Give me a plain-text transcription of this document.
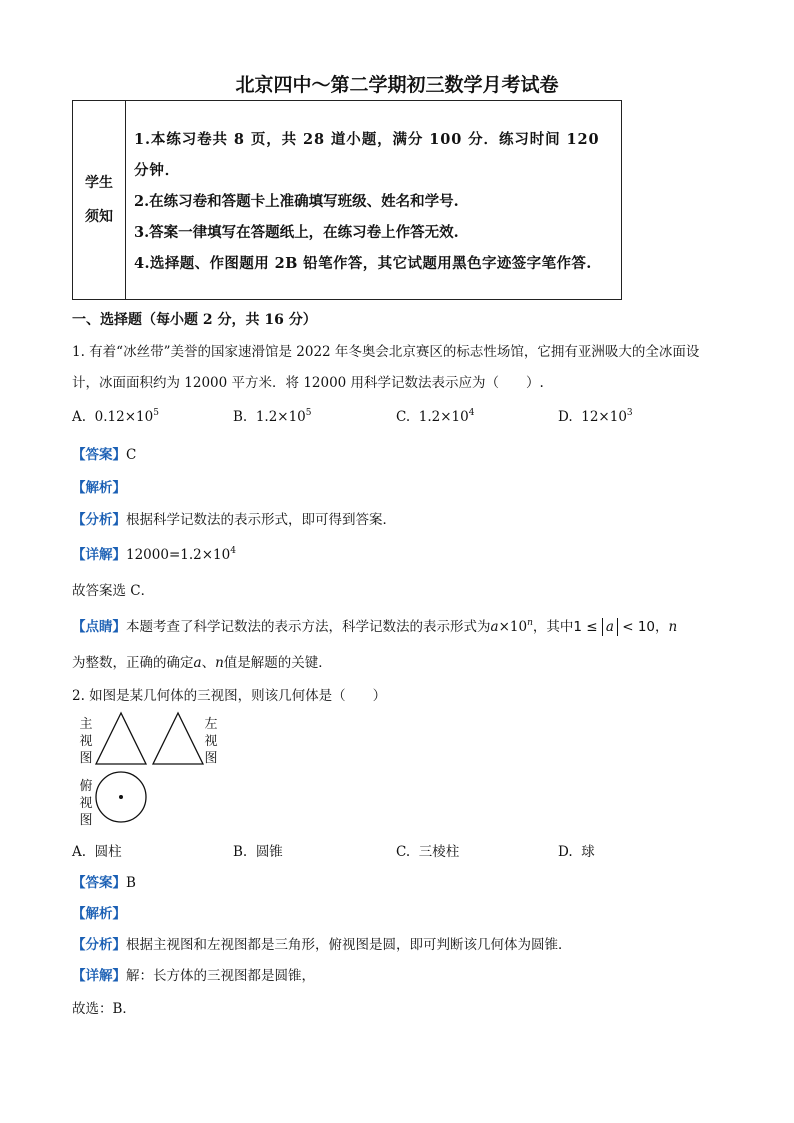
北京四中～第二学期初三数学月考试卷
学生
须知

1.本练习卷共 8 页，共 28 道小题，满分 100 分．练习时间 120 分钟．
2.在练习卷和答题卡上准确填写班级、姓名和学号.
3.答案一律填写在答题纸上，在练习卷上作答无效.
4.选择题、作图题用 2B 铅笔作答，其它试题用黑色字迹签字笔作答.
一、选择题（每小题 2 分，共 16 分）
1. 有着“冰丝带”美誉的国家速滑馆是 2022 年冬奥会北京赛区的标志性场馆，它拥有亚洲吸大的全冰面设
计，冰面面积约为 12000 平方米．将 12000 用科学记数法表示应为（　　）.
A. $0.12\times 10^5$	B. $1.2\times 10^5$	C. $1.2\times 10^4$	D. $12\times 10^3$
【答案】C
【解析】
【分析】根据科学记数法的表示形式，即可得到答案．
【详解】$12000=1.2\times 10^4$
故答案选 C．
【点睛】本题考查了科学记数法的表示方法，科学记数法的表示形式为$a\times 10^n$，其中1 ≤ a < 10，n
为整数，正确的确定a、n值是解题的关键．
2. 如图是某几何体的三视图，则该几何体是（　　）
主视图
左视图
俯视图
A. 圆柱	B. 圆锥	C. 三棱柱	D. 球
【答案】B
【解析】
【分析】根据主视图和左视图都是三角形，俯视图是圆，即可判断该几何体为圆锥．
【详解】解：长方体的三视图都是圆锥，
故选：B．
